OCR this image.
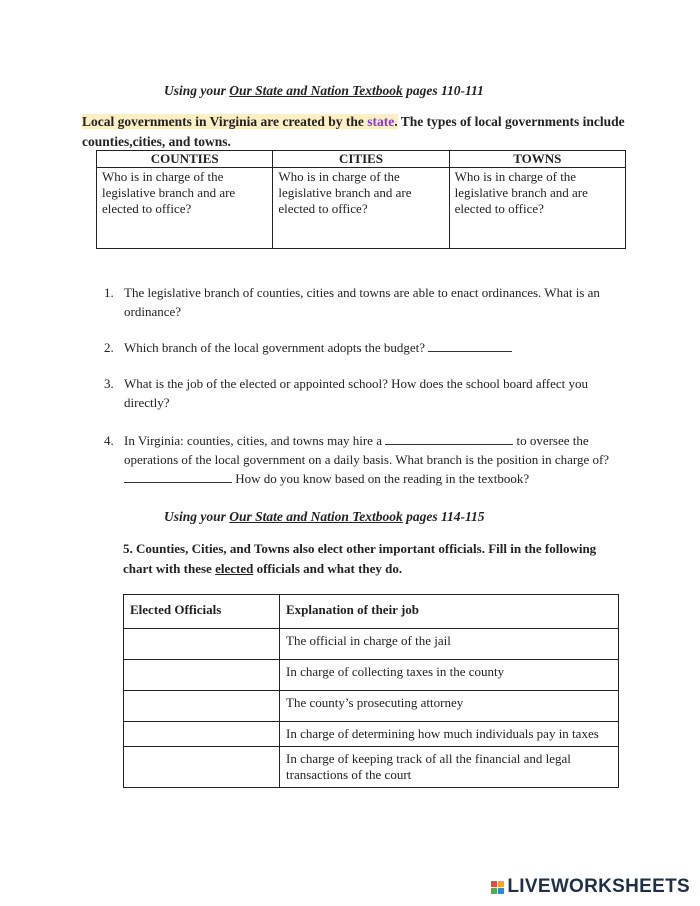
Using your Our State and Nation Textbook pages 110-111
Local governments in Virginia are created by the state. The types of local governments include counties,cities, and towns.
COUNTIES	CITIES	TOWNS
Who is in charge of the legislative branch and are elected to office?	Who is in charge of the legislative branch and are elected to office?	Who is in charge of the legislative branch and are elected to office?
1. The legislative branch of counties, cities and towns are able to enact ordinances. What is an ordinance?
2. Which branch of the local government adopts the budget?
3. What is the job of the elected or appointed school? How does the school board affect you directly?
4. In Virginia: counties, cities, and towns may hire a	to oversee the operations of the local government on a daily basis. What branch is the position in charge of?  How do you know based on the reading in the textbook?
Using your Our State and Nation Textbook pages 114-115
5. Counties, Cities, and Towns also elect other important officials. Fill in the following chart with these elected officials and what they do.
Elected Officials	Explanation of their job
	The official in charge of the jail
	In charge of collecting taxes in the county
	The county’s prosecuting attorney
	In charge of determining how much individuals pay in taxes
	In charge of keeping track of all the financial and legal transactions of the court
LIVEWORKSHEETS
